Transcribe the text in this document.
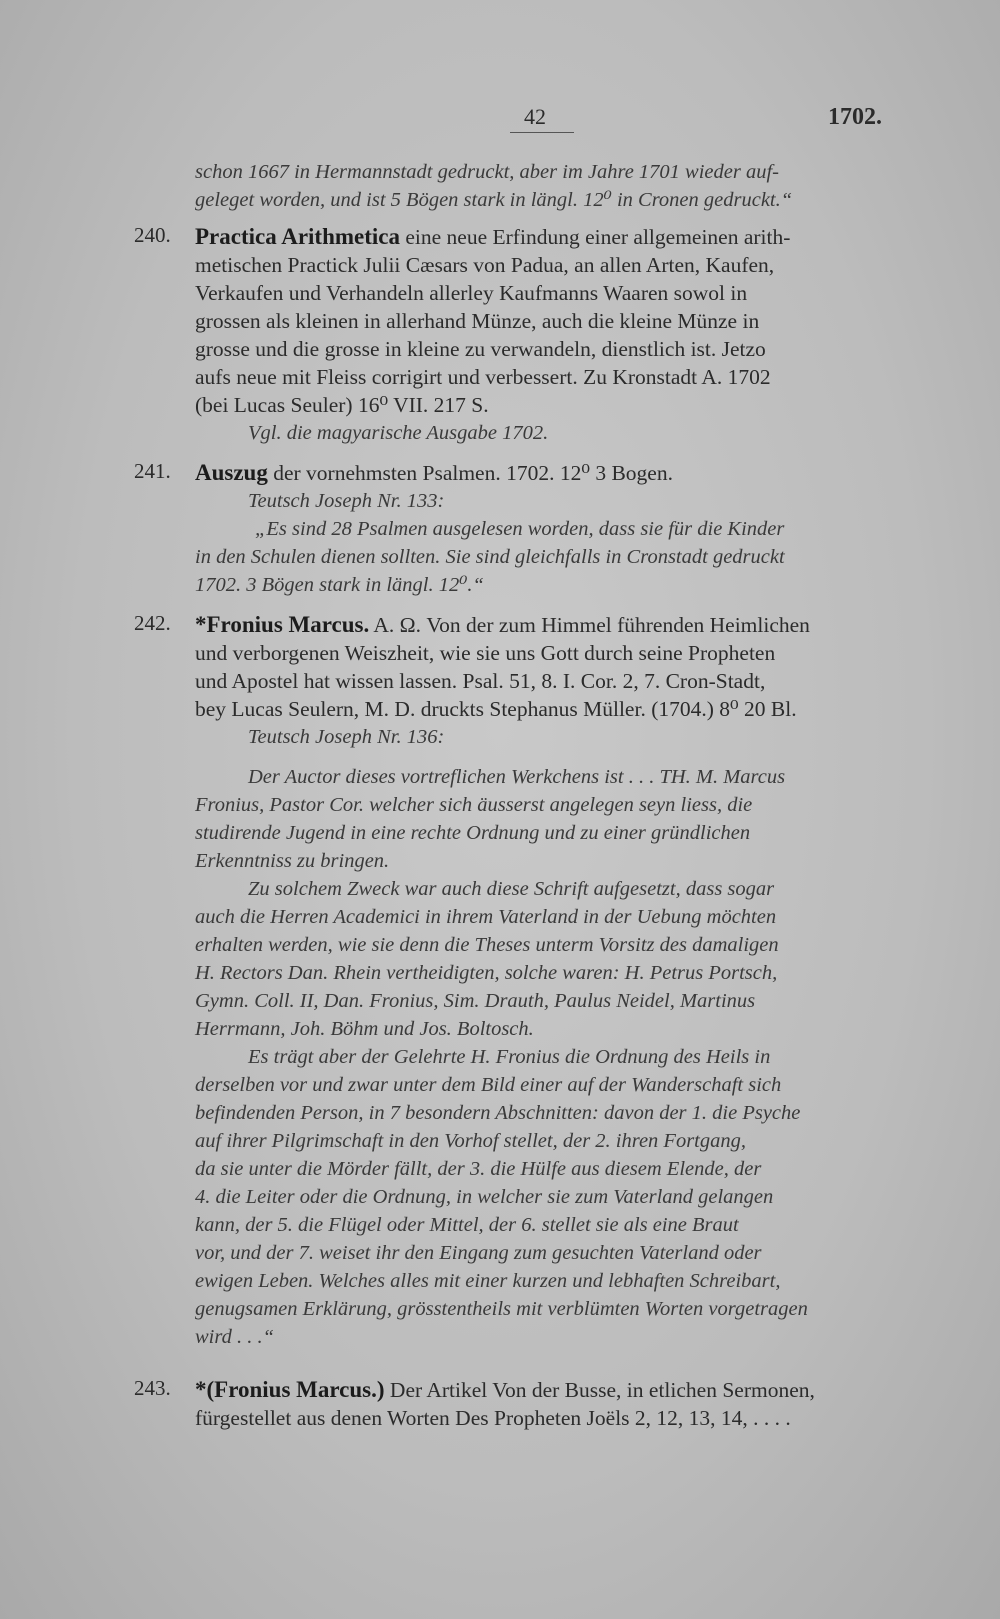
42	1702.
schon 1667 in Hermannstadt gedruckt, aber im Jahre 1701 wieder auf-
geleget worden, und ist 5 Bögen stark in längl. 12⁰ in Cronen gedruckt.“
240.	Practica Arithmetica eine neue Erfindung einer allgemeinen arith-
metischen Practick Julii Cæsars von Padua, an allen Arten, Kaufen,
Verkaufen und Verhandeln allerley Kaufmanns Waaren sowol in
grossen als kleinen in allerhand Münze, auch die kleine Münze in
grosse und die grosse in kleine zu verwandeln, dienstlich ist. Jetzo
aufs neue mit Fleiss corrigirt und verbessert. Zu Kronstadt A. 1702
(bei Lucas Seuler) 16⁰ VII. 217 S.
Vgl. die magyarische Ausgabe 1702.
241.	Auszug der vornehmsten Psalmen. 1702. 12⁰ 3 Bogen.
Teutsch Joseph Nr. 133:
„Es sind 28 Psalmen ausgelesen worden, dass sie für die Kinder
in den Schulen dienen sollten. Sie sind gleichfalls in Cronstadt gedruckt
1702. 3 Bögen stark in längl. 12⁰.“
242.	*Fronius Marcus. A. Ω. Von der zum Himmel führenden Heimlichen
und verborgenen Weiszheit, wie sie uns Gott durch seine Propheten
und Apostel hat wissen lassen. Psal. 51, 8. I. Cor. 2, 7. Cron-Stadt,
bey Lucas Seulern, M. D. druckts Stephanus Müller. (1704.) 8⁰ 20 Bl.
Teutsch Joseph Nr. 136:
Der Auctor dieses vortreflichen Werkchens ist . . . TH. M. Marcus
Fronius, Pastor Cor. welcher sich äusserst angelegen seyn liess, die
studirende Jugend in eine rechte Ordnung und zu einer gründlichen
Erkenntniss zu bringen.
Zu solchem Zweck war auch diese Schrift aufgesetzt, dass sogar
auch die Herren Academici in ihrem Vaterland in der Uebung möchten
erhalten werden, wie sie denn die Theses unterm Vorsitz des damaligen
H. Rectors Dan. Rhein vertheidigten, solche waren: H. Petrus Portsch,
Gymn. Coll. II, Dan. Fronius, Sim. Drauth, Paulus Neidel, Martinus
Herrmann, Joh. Böhm und Jos. Boltosch.
Es trägt aber der Gelehrte H. Fronius die Ordnung des Heils in
derselben vor und zwar unter dem Bild einer auf der Wanderschaft sich
befindenden Person, in 7 besondern Abschnitten: davon der 1. die Psyche
auf ihrer Pilgrimschaft in den Vorhof stellet, der 2. ihren Fortgang,
da sie unter die Mörder fällt, der 3. die Hülfe aus diesem Elende, der
4. die Leiter oder die Ordnung, in welcher sie zum Vaterland gelangen
kann, der 5. die Flügel oder Mittel, der 6. stellet sie als eine Braut
vor, und der 7. weiset ihr den Eingang zum gesuchten Vaterland oder
ewigen Leben. Welches alles mit einer kurzen und lebhaften Schreibart,
genugsamen Erklärung, grösstentheils mit verblümten Worten vorgetragen
wird . . .“
243.	*(Fronius Marcus.) Der Artikel Von der Busse, in etlichen Sermonen,
fürgestellet aus denen Worten Des Propheten Joëls 2, 12, 13, 14, . . . .
